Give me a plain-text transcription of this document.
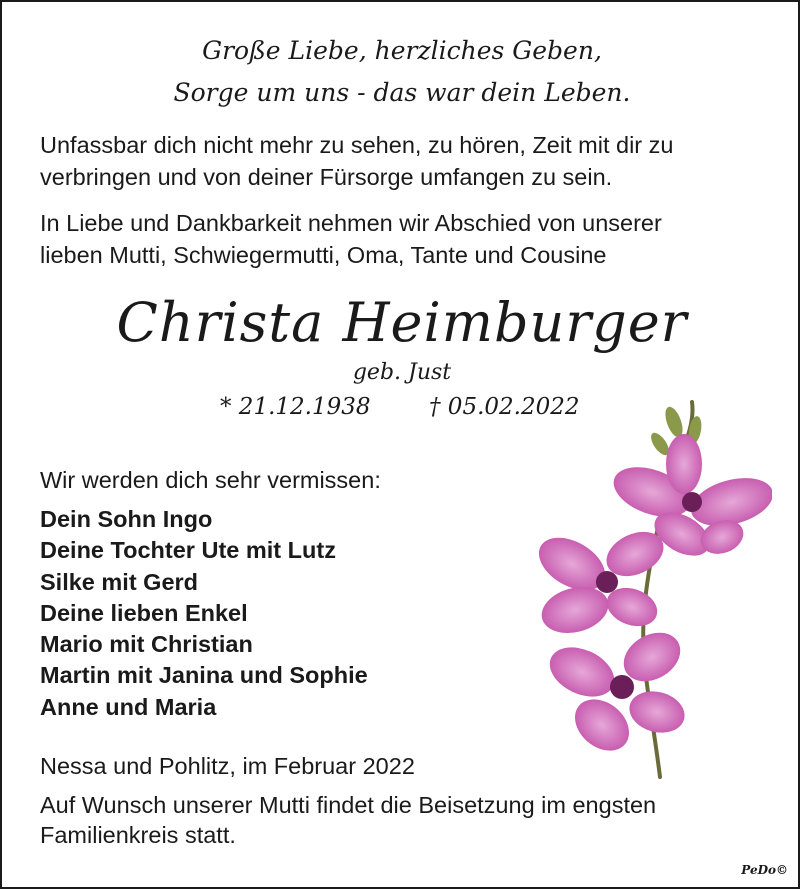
Große Liebe, herzliches Geben,
Sorge um uns - das war dein Leben.
Unfassbar dich nicht mehr zu sehen, zu hören, Zeit mit dir zu
verbringen und von deiner Fürsorge umfangen zu sein.
In Liebe und Dankbarkeit nehmen wir Abschied von unserer
lieben Mutti, Schwiegermutti, Oma, Tante und Cousine
Christa Heimburger
geb. Just
* 21.12.1938	† 05.02.2022
Wir werden dich sehr vermissen:
Dein Sohn Ingo
Deine Tochter Ute mit Lutz
Silke mit Gerd
Deine lieben Enkel
Mario mit Christian
Martin mit Janina und Sophie
Anne und Maria
Nessa und Pohlitz, im Februar 2022
Auf Wunsch unserer Mutti findet die Beisetzung im engsten
Familienkreis statt.
PeDo©
